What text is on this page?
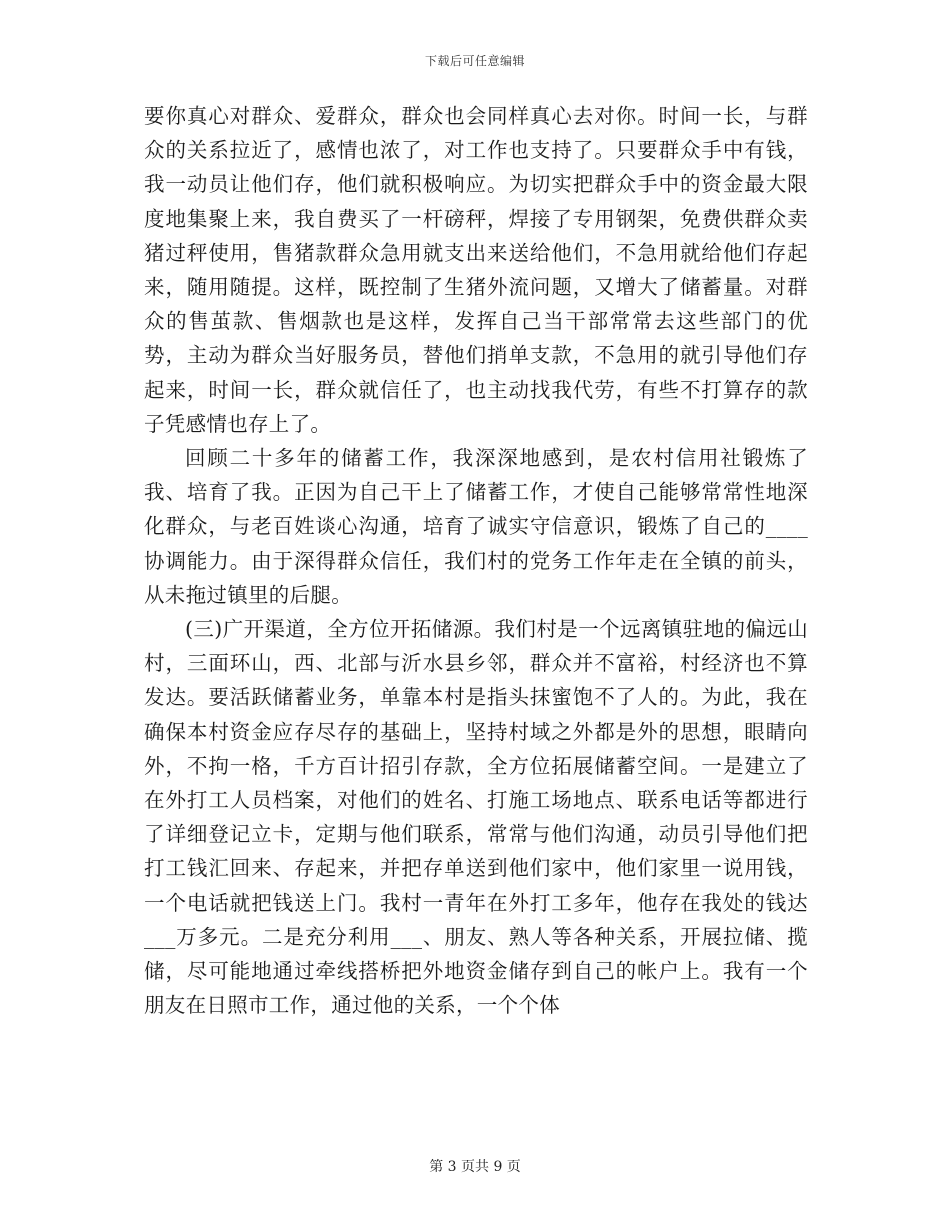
下载后可任意编辑

要你真心对群众、爱群众，群众也会同样真心去对你。时间一长，与群众的关系拉近了，感情也浓了，对工作也支持了。只要群众手中有钱，我一动员让他们存，他们就积极响应。为切实把群众手中的资金最大限度地集聚上来，我自费买了一杆磅秤，焊接了专用钢架，免费供群众卖猪过秤使用，售猪款群众急用就支出来送给他们，不急用就给他们存起来，随用随提。这样，既控制了生猪外流问题，又增大了储蓄量。对群众的售茧款、售烟款也是这样，发挥自己当干部常常去这些部门的优势，主动为群众当好服务员，替他们捎单支款，不急用的就引导他们存起来，时间一长，群众就信任了，也主动找我代劳，有些不打算存的款子凭感情也存上了。

回顾二十多年的储蓄工作，我深深地感到，是农村信用社锻炼了我、培育了我。正因为自己干上了储蓄工作，才使自己能够常常性地深化群众，与老百姓谈心沟通，培育了诚实守信意识，锻炼了自己的____协调能力。由于深得群众信任，我们村的党务工作年走在全镇的前头，从未拖过镇里的后腿。

(三)广开渠道，全方位开拓储源。我们村是一个远离镇驻地的偏远山村，三面环山，西、北部与沂水县乡邻，群众并不富裕，村经济也不算发达。要活跃储蓄业务，单靠本村是指头抹蜜饱不了人的。为此，我在确保本村资金应存尽存的基础上，坚持村域之外都是外的思想，眼睛向外，不拘一格，千方百计招引存款，全方位拓展储蓄空间。一是建立了在外打工人员档案，对他们的姓名、打施工场地点、联系电话等都进行了详细登记立卡，定期与他们联系，常常与他们沟通，动员引导他们把打工钱汇回来、存起来，并把存单送到他们家中，他们家里一说用钱，一个电话就把钱送上门。我村一青年在外打工多年，他存在我处的钱达___万多元。二是充分利用___、朋友、熟人等各种关系，开展拉储、揽储，尽可能地通过牵线搭桥把外地资金储存到自己的帐户上。我有一个朋友在日照市工作，通过他的关系，一个个体

第 3 页共 9 页
